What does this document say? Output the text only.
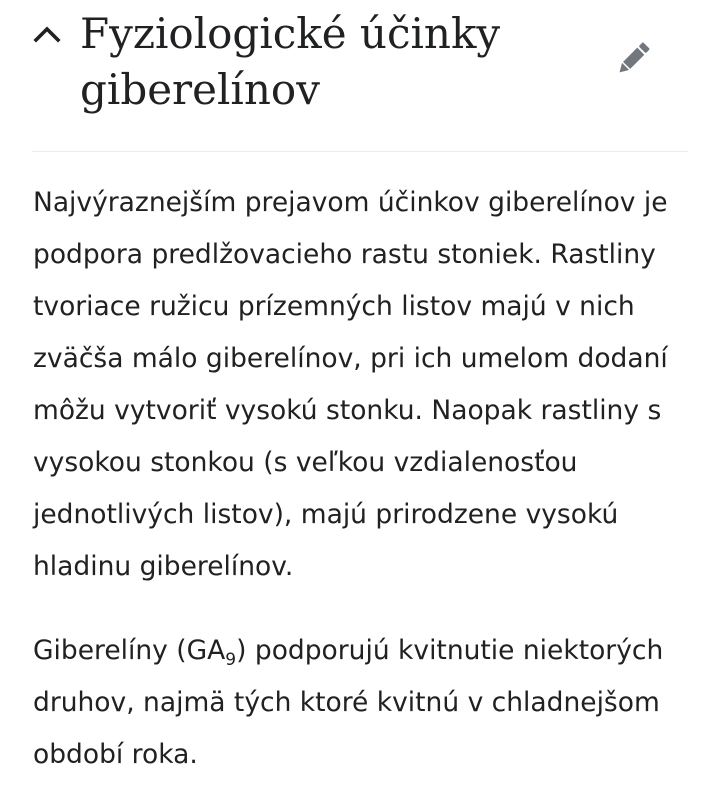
Fyziologické účinky giberelínov

Najvýraznejším prejavom účinkov giberelínov je podpora predlžovacieho rastu stoniek. Rastliny tvoriace ružicu prízemných listov majú v nich zväčša málo giberelínov, pri ich umelom dodaní môžu vytvoriť vysokú stonku. Naopak rastliny s vysokou stonkou (s veľkou vzdialenosťou jednotlivých listov), majú prirodzene vysokú hladinu giberelínov.

Giberelíny $(GA_9)$ podporujú kvitnutie niektorých druhov, najmä tých ktoré kvitnú v chladnejšom období roka.
